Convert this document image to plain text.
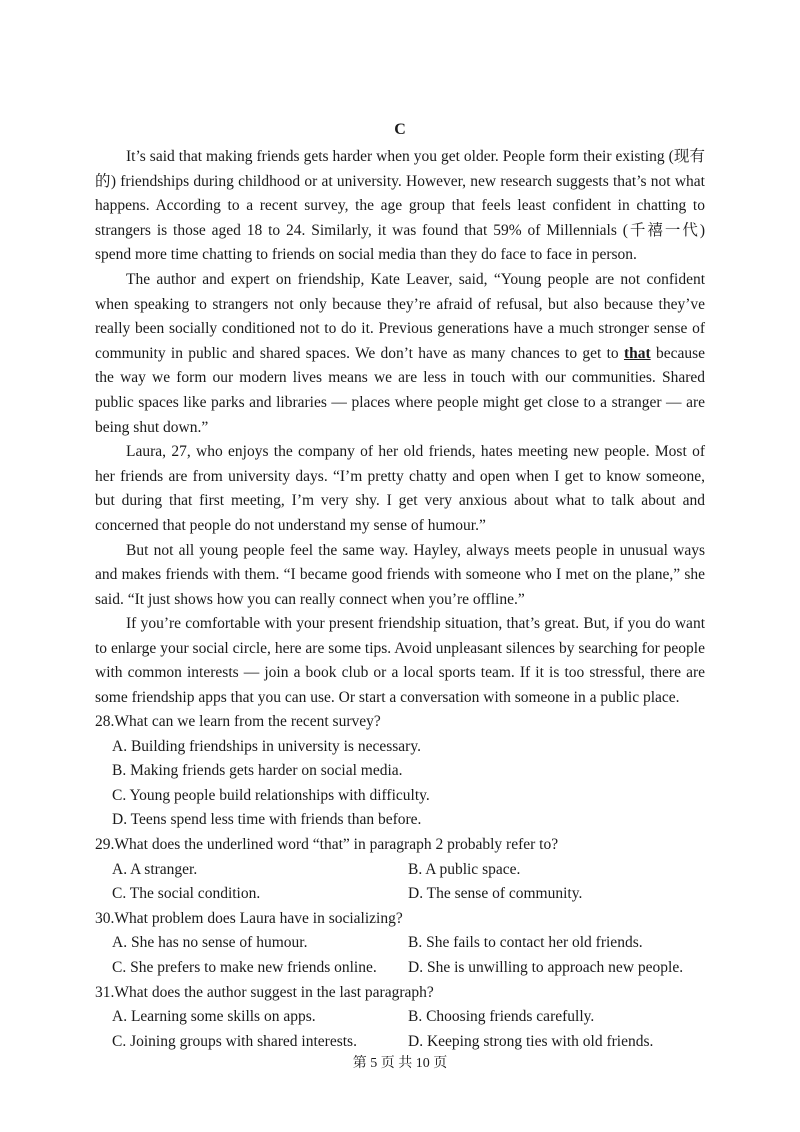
C

It’s said that making friends gets harder when you get older. People form their existing (现有的) friendships during childhood or at university. However, new research suggests that’s not what happens. According to a recent survey, the age group that feels least confident in chatting to strangers is those aged 18 to 24. Similarly, it was found that 59% of Millennials (千禧一代) spend more time chatting to friends on social media than they do face to face in person.

The author and expert on friendship, Kate Leaver, said, “Young people are not confident when speaking to strangers not only because they’re afraid of refusal, but also because they’ve really been socially conditioned not to do it. Previous generations have a much stronger sense of community in public and shared spaces. We don’t have as many chances to get to that because the way we form our modern lives means we are less in touch with our communities. Shared public spaces like parks and libraries — places where people might get close to a stranger — are being shut down.”

Laura, 27, who enjoys the company of her old friends, hates meeting new people. Most of her friends are from university days. “I’m pretty chatty and open when I get to know someone, but during that first meeting, I’m very shy. I get very anxious about what to talk about and concerned that people do not understand my sense of humour.”

But not all young people feel the same way. Hayley, always meets people in unusual ways and makes friends with them. “I became good friends with someone who I met on the plane,” she said. “It just shows how you can really connect when you’re offline.”

If you’re comfortable with your present friendship situation, that’s great. But, if you do want to enlarge your social circle, here are some tips. Avoid unpleasant silences by searching for people with common interests — join a book club or a local sports team. If it is too stressful, there are some friendship apps that you can use. Or start a conversation with someone in a public place.

28.What can we learn from the recent survey?

A. Building friendships in university is necessary.

B. Making friends gets harder on social media.

C. Young people build relationships with difficulty.

D. Teens spend less time with friends than before.

29.What does the underlined word “that” in paragraph 2 probably refer to?

A. A stranger.	B. A public space.

C. The social condition.	D. The sense of community.

30.What problem does Laura have in socializing?

A. She has no sense of humour.	B. She fails to contact her old friends.

C. She prefers to make new friends online.	D. She is unwilling to approach new people.

31.What does the author suggest in the last paragraph?

A. Learning some skills on apps.	B. Choosing friends carefully.

C. Joining groups with shared interests.	D. Keeping strong ties with old friends.

第 5 页 共 10 页
